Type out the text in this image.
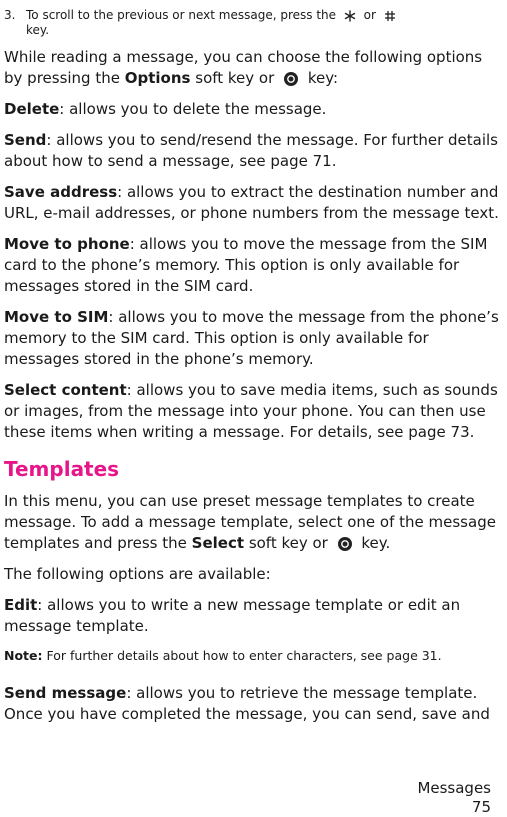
3. To scroll to the previous or next message, press the or
key.

While reading a message, you can choose the following options by pressing the Options soft key or key:

Delete: allows you to delete the message.

Send: allows you to send/resend the message. For further details about how to send a message, see page 71.

Save address: allows you to extract the destination number and URL, e-mail addresses, or phone numbers from the message text.

Move to phone: allows you to move the message from the SIM card to the phone’s memory. This option is only available for messages stored in the SIM card.

Move to SIM: allows you to move the message from the phone’s memory to the SIM card. This option is only available for messages stored in the phone’s memory.

Select content: allows you to save media items, such as sounds or images, from the message into your phone. You can then use these items when writing a message. For details, see page 73.

Templates

In this menu, you can use preset message templates to create message. To add a message template, select one of the message templates and press the Select soft key or key.

The following options are available:

Edit: allows you to write a new message template or edit an message template.

Note: For further details about how to enter characters, see page 31.

Send message: allows you to retrieve the message template. Once you have completed the message, you can send, save and

Messages
75
